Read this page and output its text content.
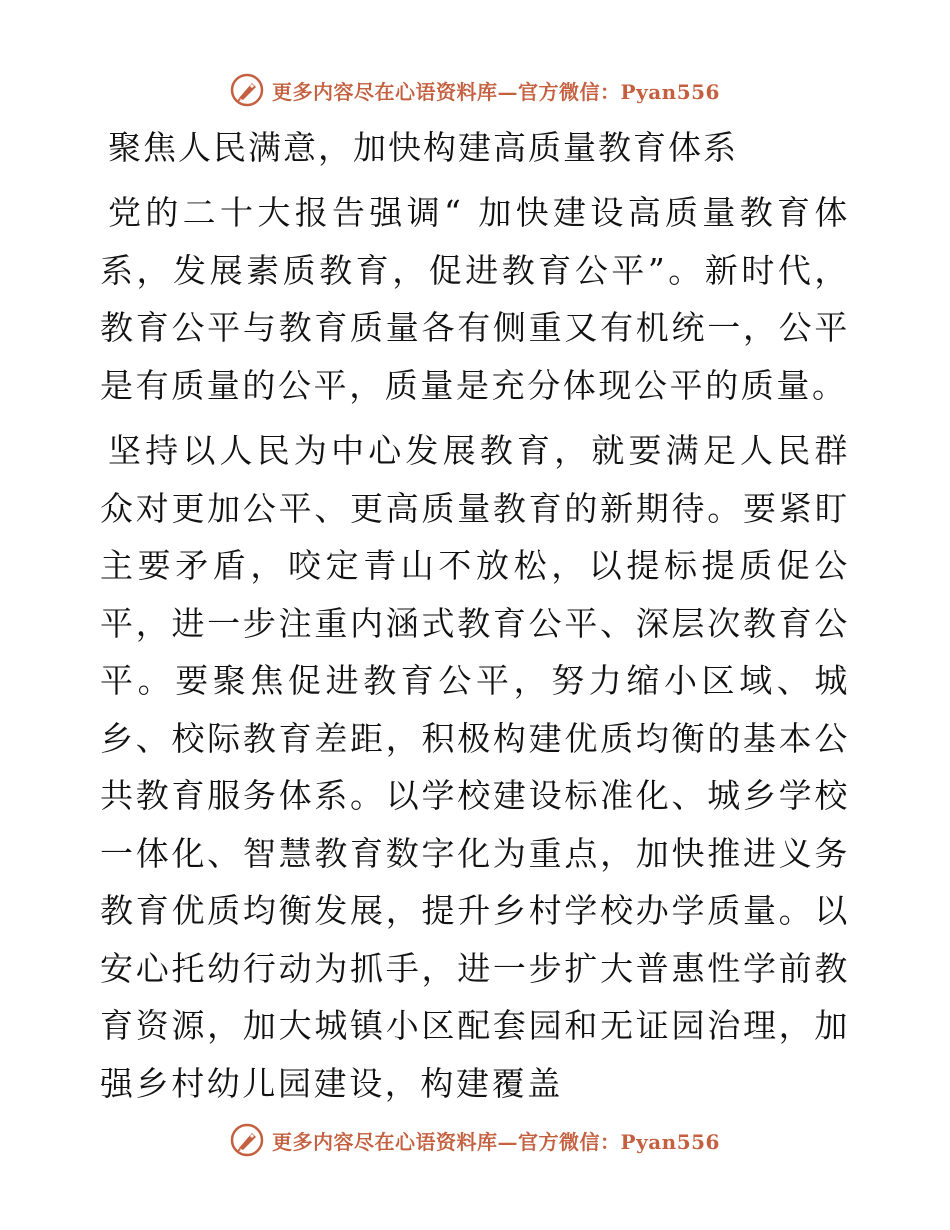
更多内容尽在心语资料库—官方微信：Pyan556
聚焦人民满意，加快构建高质量教育体系

党的二十大报告强调“ 加快建设高质量教育体系，发展素质教育，促进教育公平”。新时代，教育公平与教育质量各有侧重又有机统一，公平是有质量的公平，质量是充分体现公平的质量。

坚持以人民为中心发展教育，就要满足人民群众对更加公平、更高质量教育的新期待。要紧盯主要矛盾，咬定青山不放松，以提标提质促公平，进一步注重内涵式教育公平、深层次教育公平。要聚焦促进教育公平，努力缩小区域、城乡、校际教育差距，积极构建优质均衡的基本公共教育服务体系。以学校建设标准化、城乡学校一体化、智慧教育数字化为重点，加快推进义务教育优质均衡发展，提升乡村学校办学质量。以安心托幼行动为抓手，进一步扩大普惠性学前教育资源，加大城镇小区配套园和无证园治理，加强乡村幼儿园建设，构建覆盖

更多内容尽在心语资料库—官方微信：Pyan556
